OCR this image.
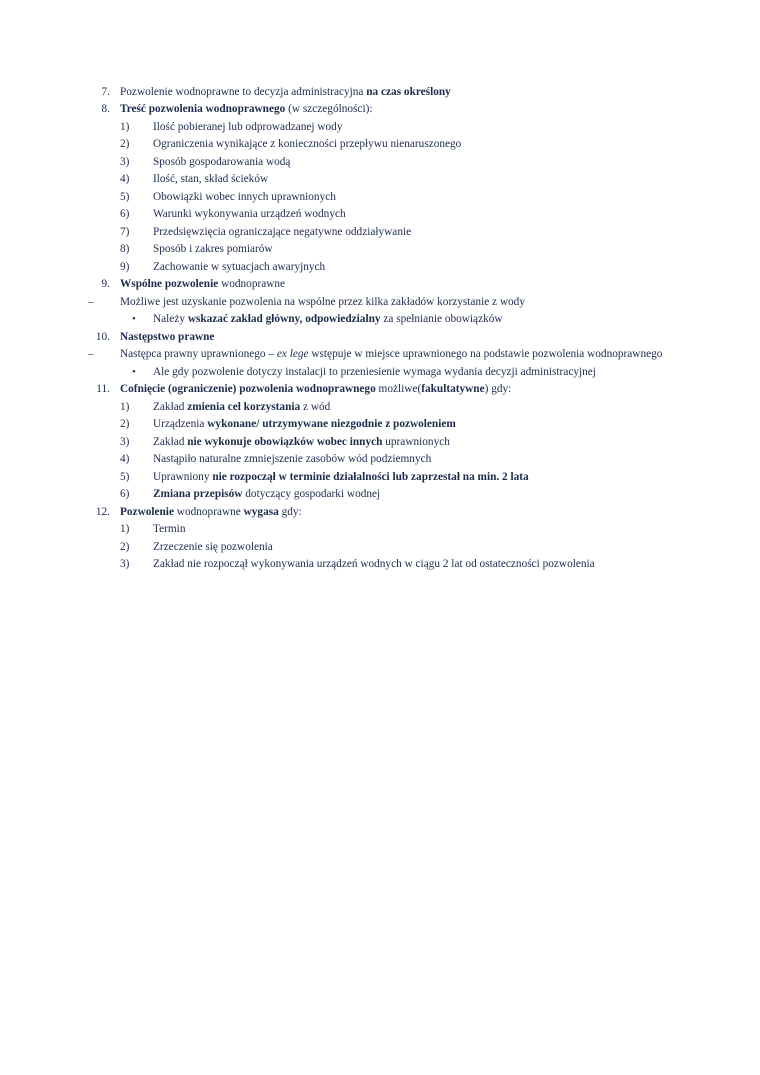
7. Pozwolenie wodnoprawne to decyzja administracyjna na czas określony
8. Treść pozwolenia wodnoprawnego (w szczególności):
1)	Ilość pobieranej lub odprowadzanej wody
2)	Ograniczenia wynikające z konieczności przepływu nienaruszonego
3)	Sposób gospodarowania wodą
4)	Ilość, stan, skład ścieków
5)	Obowiązki wobec innych uprawnionych
6)	Warunki wykonywania urządzeń wodnych
7)	Przedsięwzięcia ograniczające negatywne oddziaływanie
8)	Sposób i zakres pomiarów
9)	Zachowanie w sytuacjach awaryjnych
9. Wspólne pozwolenie wodnoprawne
–	Możliwe jest uzyskanie pozwolenia na wspólne przez kilka zakładów korzystanie z wody
• Należy wskazać zakład główny, odpowiedzialny za spełnianie obowiązków
10. Następstwo prawne
–	Następca prawny uprawnionego – ex lege wstępuje w miejsce uprawnionego na podstawie pozwolenia wodnoprawnego
• Ale gdy pozwolenie dotyczy instalacji to przeniesienie wymaga wydania decyzji administracyjnej
11. Cofnięcie (ograniczenie) pozwolenia wodnoprawnego możliwe(fakultatywne) gdy:
1)	Zakład zmienia cel korzystania z wód
2)	Urządzenia wykonane/ utrzymywane niezgodnie z pozwoleniem
3)	Zakład nie wykonuje obowiązków wobec innych uprawnionych
4)	Nastąpiło naturalne zmniejszenie zasobów wód podziemnych
5)	Uprawniony nie rozpoczął w terminie działalności lub zaprzestał na min. 2 lata
6)	Zmiana przepisów dotyczący gospodarki wodnej
12. Pozwolenie wodnoprawne wygasa gdy:
1)	Termin
2)	Zrzeczenie się pozwolenia
3)	Zakład nie rozpoczął wykonywania urządzeń wodnych w ciągu 2 lat od ostateczności pozwolenia
